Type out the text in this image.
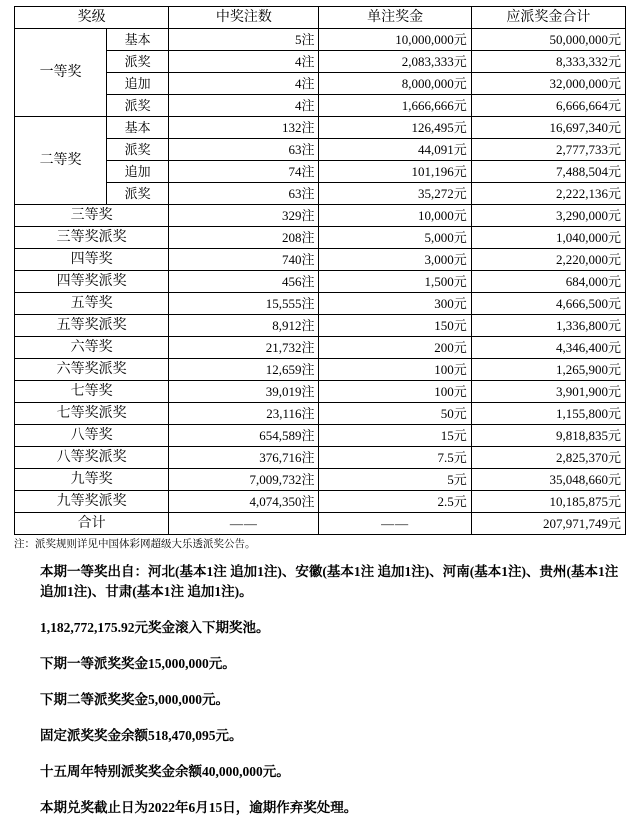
奖级		中奖注数	单注奖金	应派奖金合计
一等奖	基本	5注	10,000,000元	50,000,000元
	派奖	4注	2,083,333元	8,333,332元
	追加	4注	8,000,000元	32,000,000元
	派奖	4注	1,666,666元	6,666,664元
二等奖	基本	132注	126,495元	16,697,340元
	派奖	63注	44,091元	2,777,733元
	追加	74注	101,196元	7,488,504元
	派奖	63注	35,272元	2,222,136元
三等奖		329注	10,000元	3,290,000元
三等奖派奖		208注	5,000元	1,040,000元
四等奖		740注	3,000元	2,220,000元
四等奖派奖		456注	1,500元	684,000元
五等奖		15,555注	300元	4,666,500元
五等奖派奖		8,912注	150元	1,336,800元
六等奖		21,732注	200元	4,346,400元
六等奖派奖		12,659注	100元	1,265,900元
七等奖		39,019注	100元	3,901,900元
七等奖派奖		23,116注	50元	1,155,800元
八等奖		654,589注	15元	9,818,835元
八等奖派奖		376,716注	7.5元	2,825,370元
九等奖		7,009,732注	5元	35,048,660元
九等奖派奖		4,074,350注	2.5元	10,185,875元
合计		——	——	207,971,749元
注：派奖规则详见中国体彩网超级大乐透派奖公告。

本期一等奖出自：河北(基本1注 追加1注)、安徽(基本1注 追加1注)、河南(基本1注)、贵州(基本1注 追加1注)、甘肃(基本1注 追加1注)。

1,182,772,175.92元奖金滚入下期奖池。

下期一等派奖奖金15,000,000元。

下期二等派奖奖金5,000,000元。

固定派奖奖金余额518,470,095元。

十五周年特别派奖奖金余额40,000,000元。

本期兑奖截止日为2022年6月15日，逾期作弃奖处理。
